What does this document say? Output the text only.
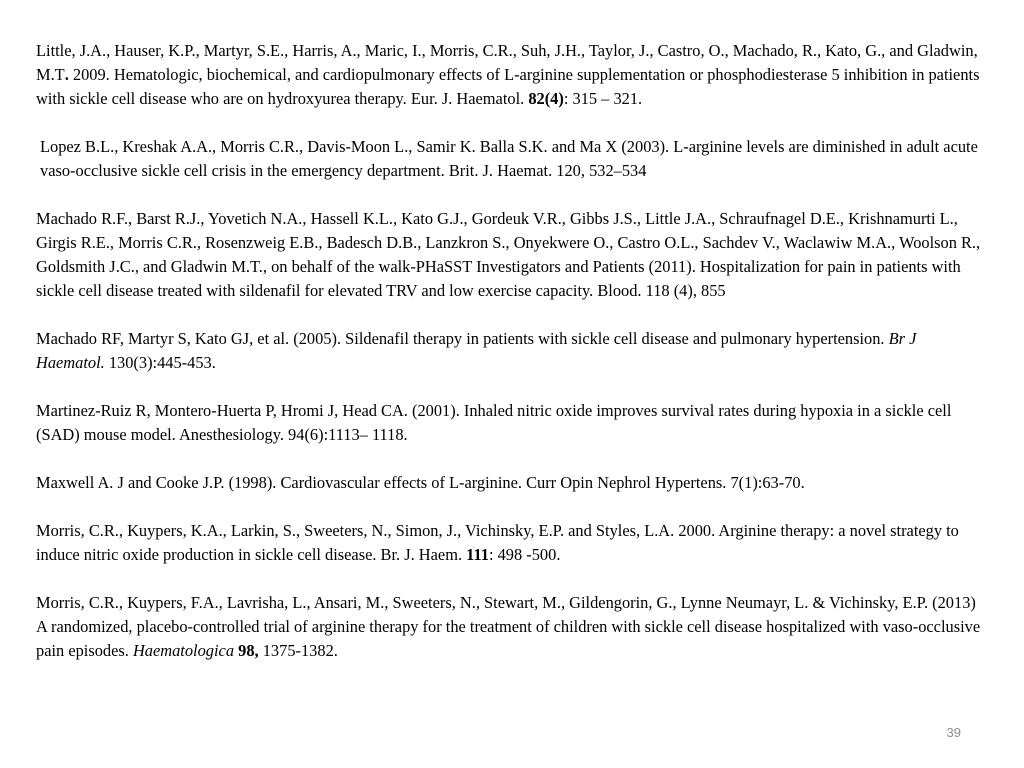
Little, J.A., Hauser, K.P., Martyr, S.E., Harris, A., Maric, I., Morris, C.R., Suh, J.H., Taylor, J., Castro, O., Machado, R., Kato, G., and Gladwin, M.T. 2009. Hematologic, biochemical, and cardiopulmonary effects of L-arginine supplementation or phosphodiesterase 5 inhibition in patients with sickle cell disease who are on hydroxyurea therapy. Eur. J. Haematol. 82(4): 315 – 321.

Lopez B.L., Kreshak A.A., Morris C.R., Davis-Moon L., Samir K. Balla S.K. and Ma X (2003). L-arginine levels are diminished in adult acute vaso-occlusive sickle cell crisis in the emergency department. Brit. J. Haemat. 120, 532–534

Machado R.F., Barst R.J., Yovetich N.A., Hassell K.L., Kato G.J., Gordeuk V.R., Gibbs J.S., Little J.A., Schraufnagel D.E., Krishnamurti L., Girgis R.E., Morris C.R., Rosenzweig E.B., Badesch D.B., Lanzkron S., Onyekwere O., Castro O.L., Sachdev V., Waclawiw M.A., Woolson R., Goldsmith J.C., and Gladwin M.T., on behalf of the walk-PHaSST Investigators and Patients (2011). Hospitalization for pain in patients with sickle cell disease treated with sildenafil for elevated TRV and low exercise capacity. Blood. 118 (4), 855

Machado RF, Martyr S, Kato GJ, et al. (2005). Sildenafil therapy in patients with sickle cell disease and pulmonary hypertension. Br J Haematol. 130(3):445-453.

Martinez-Ruiz R, Montero-Huerta P, Hromi J, Head CA. (2001). Inhaled nitric oxide improves survival rates during hypoxia in a sickle cell (SAD) mouse model. Anesthesiology. 94(6):1113– 1118.

Maxwell A. J and Cooke J.P. (1998). Cardiovascular effects of L-arginine. Curr Opin Nephrol Hypertens. 7(1):63-70.

Morris, C.R., Kuypers, K.A., Larkin, S., Sweeters, N., Simon, J., Vichinsky, E.P. and Styles, L.A. 2000. Arginine therapy: a novel strategy to induce nitric oxide production in sickle cell disease. Br. J. Haem. 111: 498 -500.

Morris, C.R., Kuypers, F.A., Lavrisha, L., Ansari, M., Sweeters, N., Stewart, M., Gildengorin, G., Lynne Neumayr, L. & Vichinsky, E.P. (2013) A randomized, placebo-controlled trial of arginine therapy for the treatment of children with sickle cell disease hospitalized with vaso-occlusive pain episodes. Haematologica 98, 1375-1382.

39
